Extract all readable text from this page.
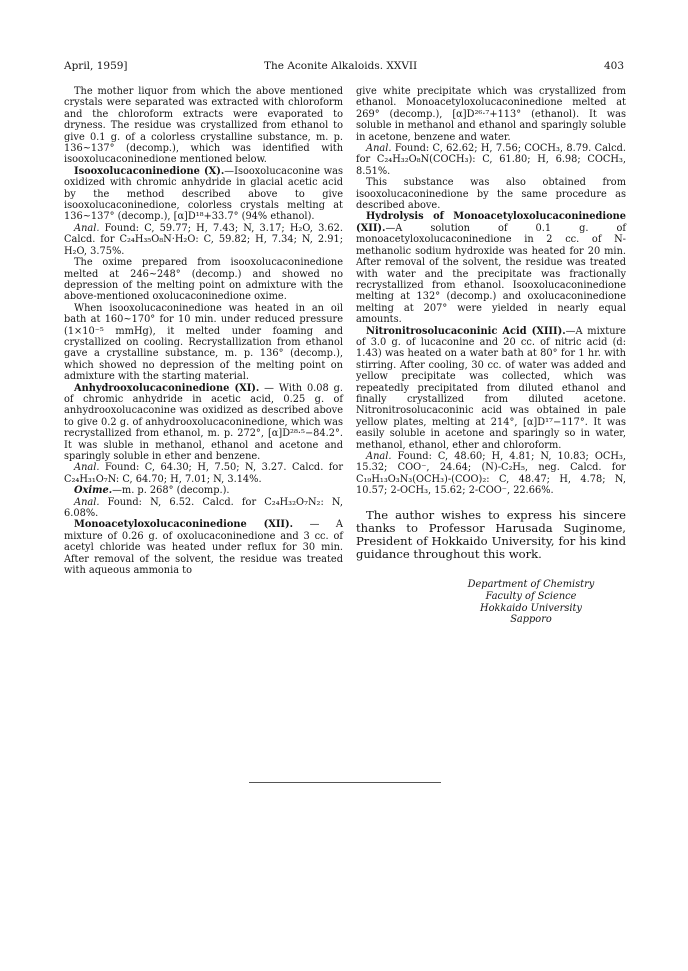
April, 1959]	The Aconite Alkaloids. XXVII	403

The mother liquor from which the above mentioned crystals were separated was extracted with chloroform and the chloroform extracts were evaporated to dryness. The residue was crystallized from ethanol to give 0.1 g. of a colorless crystalline substance, m. p. 136~137° (decomp.), which was identified with isooxolucaconinedione mentioned below.

Isooxolucaconinedione (X).—Isooxolucaconine was oxidized with chromic anhydride in glacial acetic acid by the method described above to give isooxolucaconinedione, colorless crystals melting at 136~137° (decomp.), [α]D¹⁸+33.7° (94% ethanol).

Anal. Found: C, 59.77; H, 7.43; N, 3.17; H₂O, 3.62. Calcd. for C₂₄H₃₅O₈N·H₂O: C, 59.82; H, 7.34; N, 2.91; H₂O, 3.75%.

The oxime prepared from isooxolucaconinedione melted at 246~248° (decomp.) and showed no depression of the melting point on admixture with the above-mentioned oxolucaconinedione oxime.

When isooxolucaconinedione was heated in an oil bath at 160~170° for 10 min. under reduced pressure (1×10⁻⁵ mmHg), it melted under foaming and crystallized on cooling. Recrystallization from ethanol gave a crystalline substance, m. p. 136° (decomp.), which showed no depression of the melting point on admixture with the starting material.

Anhydrooxolucaconinedione (XI). — With 0.08 g. of chromic anhydride in acetic acid, 0.25 g. of anhydrooxolucaconine was oxidized as described above to give 0.2 g. of anhydrooxolucaconinedione, which was recrystallized from ethanol, m. p. 272°, [α]D²⁸·⁵−84.2°. It was sluble in methanol, ethanol and acetone and sparingly soluble in ether and benzene.

Anal. Found: C, 64.30; H, 7.50; N, 3.27. Calcd. for C₂₄H₃₁O₇N: C, 64.70; H, 7.01; N, 3.14%.

Oxime.—m. p. 268° (decomp.).

Anal. Found: N, 6.52. Calcd. for C₂₄H₃₂O₇N₂: N, 6.08%.

Monoacetyloxolucaconinedione (XII). — A mixture of 0.26 g. of oxolucaconinedione and 3 cc. of acetyl chloride was heated under reflux for 30 min. After removal of the solvent, the residue was treated with aqueous ammonia to

give white precipitate which was crystallized from ethanol. Monoacetyloxolucaconinedione melted at 269° (decomp.), [α]D²⁶·⁷+113° (ethanol). It was soluble in methanol and ethanol and sparingly soluble in acetone, benzene and water.

Anal. Found: C, 62.62; H, 7.56; COCH₃, 8.79. Calcd. for C₂₄H₃₂O₈N(COCH₃): C, 61.80; H, 6.98; COCH₃, 8.51%.

This substance was also obtained from isooxolucaconinedione by the same procedure as described above.

Hydrolysis of Monoacetyloxolucaconinedione (XII).—A solution of 0.1 g. of monoacetyloxolucaconinedione in 2 cc. of N-methanolic sodium hydroxide was heated for 20 min. After removal of the solvent, the residue was treated with water and the precipitate was fractionally recrystallized from ethanol. Isooxolucaconinedione melting at 132° (decomp.) and oxolucaconinedione melting at 207° were yielded in nearly equal amounts.

Nitronitrosolucaconinic Acid (XIII).—A mixture of 3.0 g. of lucaconine and 20 cc. of nitric acid (d: 1.43) was heated on a water bath at 80° for 1 hr. with stirring. After cooling, 30 cc. of water was added and yellow precipitate was collected, which was repeatedly precipitated from diluted ethanol and finally crystallized from diluted acetone. Nitronitrosolucaconinic acid was obtained in pale yellow plates, melting at 214°, [α]D¹⁷−117°. It was easily soluble in acetone and sparingly so in water, methanol, ethanol, ether and chloroform.

Anal. Found: C, 48.60; H, 4.81; N, 10.83; OCH₃, 15.32; COO⁻, 24.64; (N)-C₂H₅, neg. Calcd. for C₁₉H₁₃O₃N₃(OCH₃)-(COO)₂: C, 48.47; H, 4.78; N, 10.57; 2-OCH₃, 15.62; 2-COO⁻, 22.66%.

The author wishes to express his sincere thanks to Professor Harusada Suginome, President of Hokkaido University, for his kind guidance throughout this work.

Department of Chemistry
Faculty of Science
Hokkaido University
Sapporo
